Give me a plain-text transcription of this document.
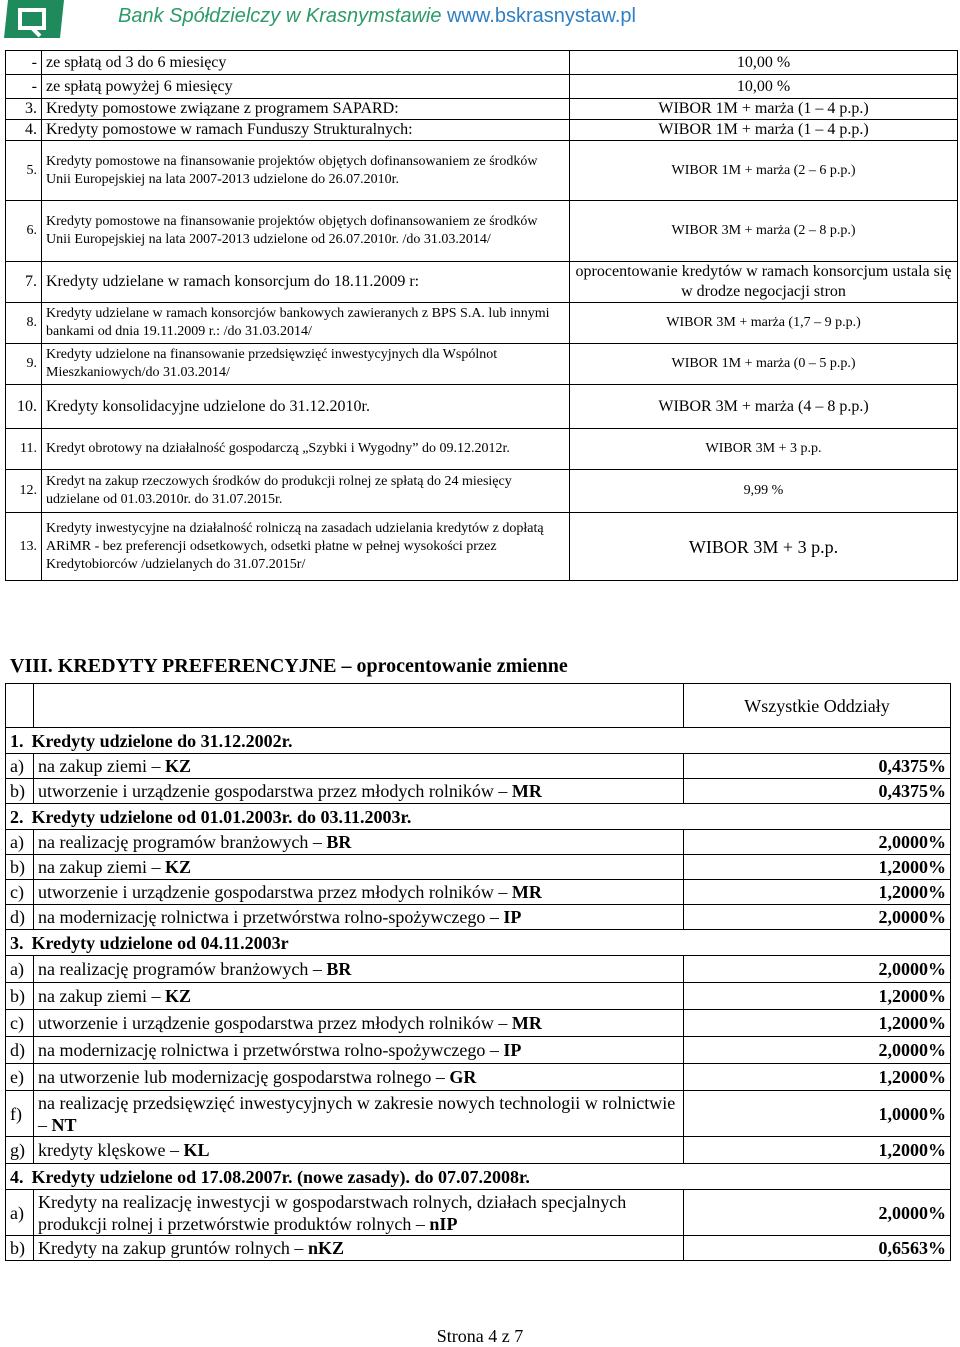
Bank Spółdzielczy w Krasnymstawie www.bskrasnystaw.pl
-	ze spłatą od 3 do 6 miesięcy	10,00 %
-	ze spłatą powyżej 6 miesięcy	10,00 %
3.	Kredyty pomostowe związane z programem SAPARD:	WIBOR 1M + marża (1 – 4 p.p.)
4.	Kredyty pomostowe w ramach Funduszy Strukturalnych:	WIBOR 1M + marża (1 – 4 p.p.)
5.	Kredyty pomostowe na finansowanie projektów objętych dofinansowaniem ze środków Unii Europejskiej na lata 2007-2013 udzielone do 26.07.2010r.	WIBOR 1M + marża (2 – 6 p.p.)
6.	Kredyty pomostowe na finansowanie projektów objętych dofinansowaniem ze środków Unii Europejskiej na lata 2007-2013 udzielone od 26.07.2010r. /do 31.03.2014/	WIBOR 3M + marża (2 – 8 p.p.)
7.	Kredyty udzielane w ramach konsorcjum do 18.11.2009 r:	oprocentowanie kredytów w ramach konsorcjum ustala się w drodze negocjacji stron
8.	Kredyty udzielane w ramach konsorcjów bankowych zawieranych z BPS S.A. lub innymi bankami od dnia 19.11.2009 r.: /do 31.03.2014/	WIBOR 3M + marża (1,7 – 9 p.p.)
9.	Kredyty udzielone na finansowanie przedsięwzięć inwestycyjnych dla Wspólnot Mieszkaniowych/do 31.03.2014/	WIBOR 1M + marża (0 – 5 p.p.)
10.	Kredyty konsolidacyjne udzielone do 31.12.2010r.	WIBOR 3M + marża (4 – 8 p.p.)
11.	Kredyt obrotowy na działalność gospodarczą „Szybki i Wygodny” do 09.12.2012r.	WIBOR 3M + 3 p.p.
12.	Kredyt na zakup rzeczowych środków do produkcji rolnej ze spłatą do 24 miesięcy udzielane od 01.03.2010r. do 31.07.2015r.	9,99 %
13.	Kredyty inwestycyjne na działalność rolniczą na zasadach udzielania kredytów z dopłatą ARiMR - bez preferencji odsetkowych, odsetki płatne w pełnej wysokości przez Kredytobiorców /udzielanych do 31.07.2015r/	WIBOR 3M + 3 p.p.
VIII. KREDYTY PREFERENCYJNE – oprocentowanie zmienne
		Wszystkie Oddziały
1. Kredyty udzielone do 31.12.2002r.		
a)	na zakup ziemi – KZ	0,4375%
b)	utworzenie i urządzenie gospodarstwa przez młodych rolników – MR	0,4375%
2. Kredyty udzielone od 01.01.2003r. do 03.11.2003r.		
a)	na realizację programów branżowych – BR	2,0000%
b)	na zakup ziemi – KZ	1,2000%
c)	utworzenie i urządzenie gospodarstwa przez młodych rolników – MR	1,2000%
d)	na modernizację rolnictwa i przetwórstwa rolno-spożywczego – IP	2,0000%
3. Kredyty udzielone od 04.11.2003r		
a)	na realizację programów branżowych – BR	2,0000%
b)	na zakup ziemi – KZ	1,2000%
c)	utworzenie i urządzenie gospodarstwa przez młodych rolników – MR	1,2000%
d)	na modernizację rolnictwa i przetwórstwa rolno-spożywczego – IP	2,0000%
e)	na utworzenie lub modernizację gospodarstwa rolnego – GR	1,2000%
f)	na realizację przedsięwzięć inwestycyjnych w zakresie nowych technologii w rolnictwie – NT	1,0000%
g)	kredyty klęskowe – KL	1,2000%
4. Kredyty udzielone od 17.08.2007r. (nowe zasady). do 07.07.2008r.		
a)	Kredyty na realizację inwestycji w gospodarstwach rolnych, działach specjalnych produkcji rolnej i przetwórstwie produktów rolnych – nIP	2,0000%
b)	Kredyty na zakup gruntów rolnych – nKZ	0,6563%
Strona 4 z 7
